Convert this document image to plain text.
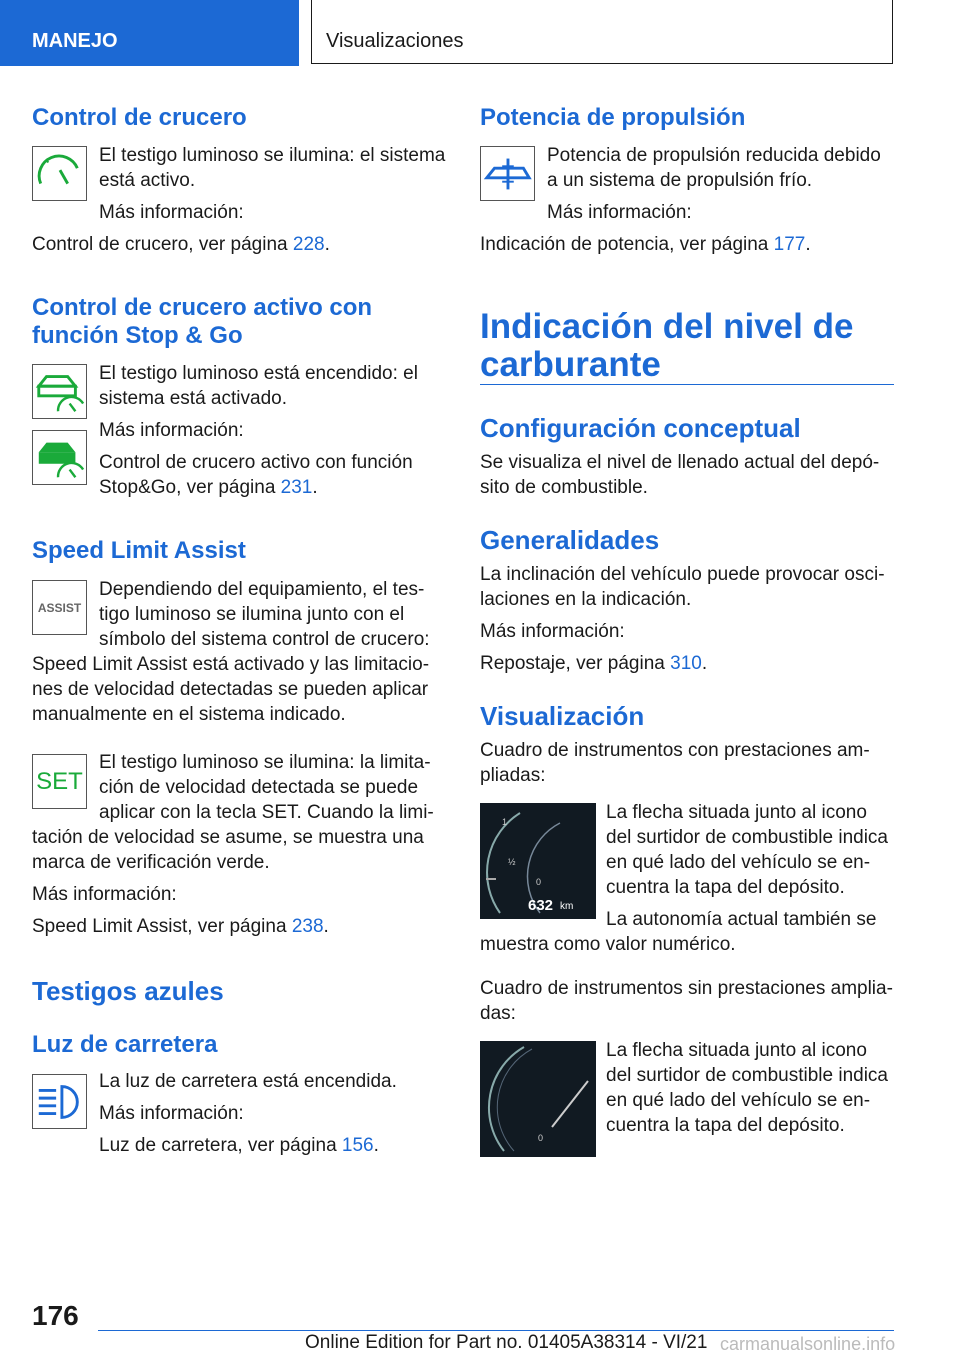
MANEJO	Visualizaciones
Control de crucero

El testigo luminoso se ilumina: el sistema

está activo.

Más información:

Control de crucero, ver página 228.

Control de crucero activo con
función Stop & Go

El testigo luminoso está encendido: el

sistema está activado.

Más información:

Control de crucero activo con función

Stop&Go, ver página 231.

Speed Limit Assist
ASSIST

Dependiendo del equipamiento, el tes-

tigo luminoso se ilumina junto con el

símbolo del sistema control de crucero:

Speed Limit Assist está activado y las limitacio-

nes de velocidad detectadas se pueden aplicar

manualmente en el sistema indicado.

SET

El testigo luminoso se ilumina: la limita-

ción de velocidad detectada se puede

aplicar con la tecla SET. Cuando la limi-

tación de velocidad se asume, se muestra una

marca de verificación verde.

Más información:

Speed Limit Assist, ver página 238.

Testigos azules
Luz de carretera

La luz de carretera está encendida.

Más información:

Luz de carretera, ver página 156.

Potencia de propulsión

Potencia de propulsión reducida debido

a un sistema de propulsión frío.

Más información:

Indicación de potencia, ver página 177.

Indicación del nivel de
carburante
Configuración conceptual

Se visualiza el nivel de llenado actual del depó-

sito de combustible.

Generalidades

La inclinación del vehículo puede provocar osci-

laciones en la indicación.

Más información:

Repostaje, ver página 310.

Visualización

Cuadro de instrumentos con prestaciones am-

pliadas:

1
½
0
632 km

La flecha situada junto al icono

del surtidor de combustible indica

en qué lado del vehículo se en-

cuentra la tapa del depósito.

La autonomía actual también se

muestra como valor numérico.

Cuadro de instrumentos sin prestaciones amplia-

das:

0

La flecha situada junto al icono

del surtidor de combustible indica

en qué lado del vehículo se en-

cuentra la tapa del depósito.

176
Online Edition for Part no. 01405A38314 - VI/21 carmanualsonline.info
